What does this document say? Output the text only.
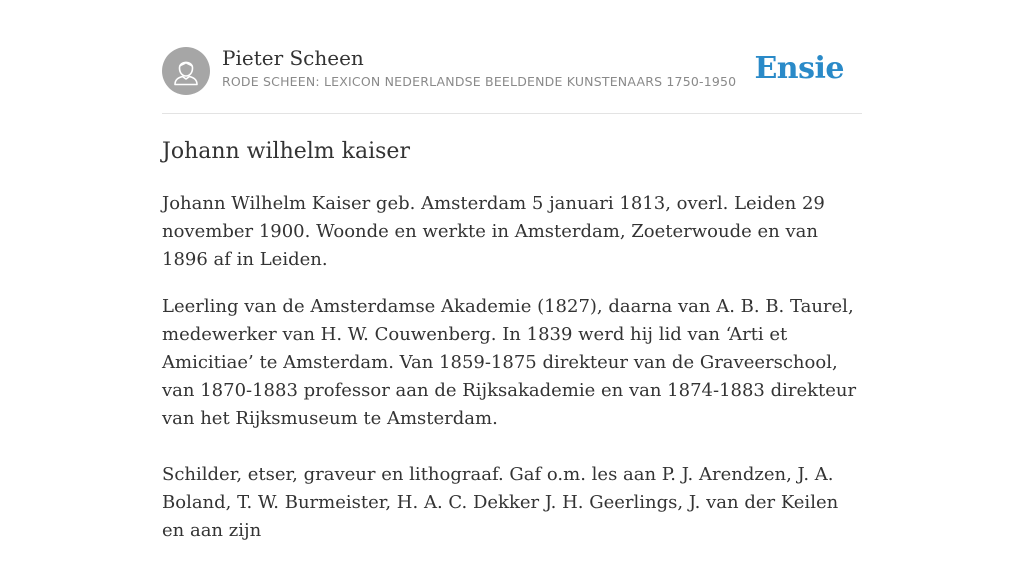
Pieter Scheen
RODE SCHEEN: LEXICON NEDERLANDSE BEELDENDE KUNSTENAARS 1750-1950 Ensie
Johann wilhelm kaiser

Johann Wilhelm Kaiser geb. Amsterdam 5 januari 1813, overl. Leiden 29 november 1900. Woonde en werkte in Amsterdam, Zoeterwoude en van 1896 af in Leiden.

Leerling van de Amsterdamse Akademie (1827), daarna van A. B. B. Taurel, medewerker van H. W. Couwenberg. In 1839 werd hij lid van ‘Arti et Amicitiae’ te Amsterdam. Van 1859-1875 direkteur van de Graveerschool, van 1870-1883 professor aan de Rijksakademie en van 1874-1883 direkteur van het Rijksmuseum te Amsterdam.

Schilder, etser, graveur en lithograaf. Gaf o.m. les aan P. J. Arendzen, J. A. Boland, T. W. Burmeister, H. A. C. Dekker J. H. Geerlings, J. van der Keilen en aan zijn
